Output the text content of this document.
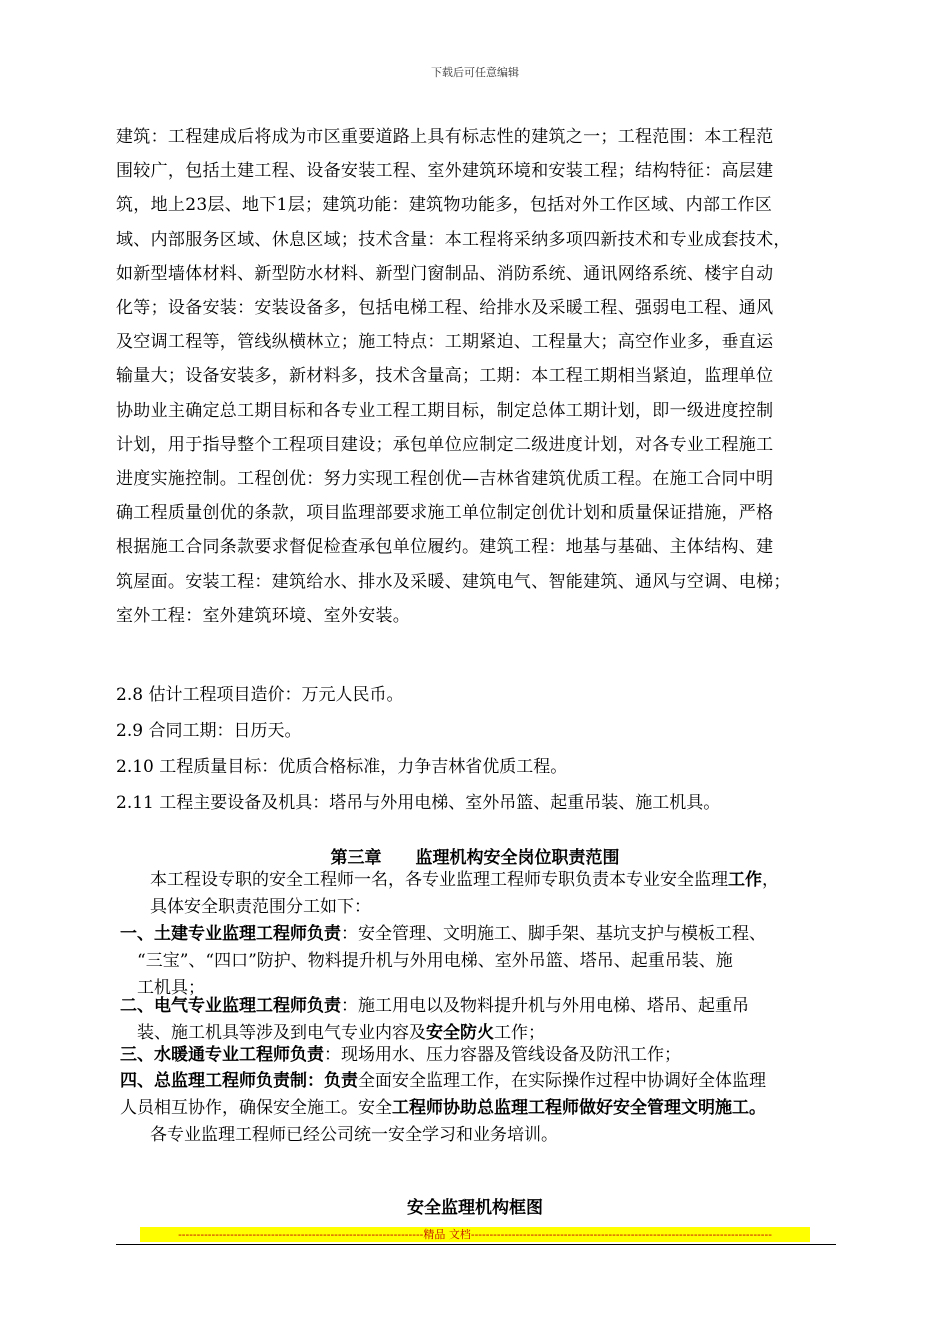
下载后可任意编辑
建筑：工程建成后将成为市区重要道路上具有标志性的建筑之一；工程范围：本工程范
围较广，包括土建工程、设备安装工程、室外建筑环境和安装工程；结构特征：高层建
筑，地上23层、地下1层；建筑功能：建筑物功能多，包括对外工作区域、内部工作区
域、内部服务区域、休息区域；技术含量：本工程将采纳多项四新技术和专业成套技术，
如新型墙体材料、新型防水材料、新型门窗制品、消防系统、通讯网络系统、楼宇自动
化等；设备安装：安装设备多，包括电梯工程、给排水及采暖工程、强弱电工程、通风
及空调工程等，管线纵横林立；施工特点：工期紧迫、工程量大；高空作业多，垂直运
输量大；设备安装多，新材料多，技术含量高；工期：本工程工期相当紧迫，监理单位
协助业主确定总工期目标和各专业工程工期目标，制定总体工期计划，即一级进度控制
计划，用于指导整个工程项目建设；承包单位应制定二级进度计划，对各专业工程施工
进度实施控制。工程创优：努力实现工程创优—吉林省建筑优质工程。在施工合同中明
确工程质量创优的条款，项目监理部要求施工单位制定创优计划和质量保证措施，严格
根据施工合同条款要求督促检查承包单位履约。建筑工程：地基与基础、主体结构、建
筑屋面。安装工程：建筑给水、排水及采暖、建筑电气、智能建筑、通风与空调、电梯；
室外工程：室外建筑环境、室外安装。
2.8 估计工程项目造价：万元人民币。
2.9 合同工期：日历天。
2.10 工程质量目标：优质合格标准，力争吉林省优质工程。
2.11 工程主要设备及机具：塔吊与外用电梯、室外吊篮、起重吊装、施工机具。
第三章 监理机构安全岗位职责范围
本工程设专职的安全工程师一名，各专业监理工程师专职负责本专业安全监理工作，
具体安全职责范围分工如下：
一、土建专业监理工程师负责：安全管理、文明施工、脚手架、基坑支护与模板工程、
“三宝”、“四口”防护、物料提升机与外用电梯、室外吊篮、塔吊、起重吊装、施
工机具；
二、电气专业监理工程师负责：施工用电以及物料提升机与外用电梯、塔吊、起重吊
装、施工机具等涉及到电气专业内容及安全防火工作；
三、水暖通专业工程师负责：现场用水、压力容器及管线设备及防汛工作；
四、总监理工程师负责制：负责全面安全监理工作，在实际操作过程中协调好全体监理
人员相互协作，确保安全施工。安全工程师协助总监理工程师做好安全管理文明施工。
各专业监理工程师已经公司统一安全学习和业务培训。
安全监理机构框图
------------------------------------------------------------------精品 文档---------------------------------------------------------------------------------
